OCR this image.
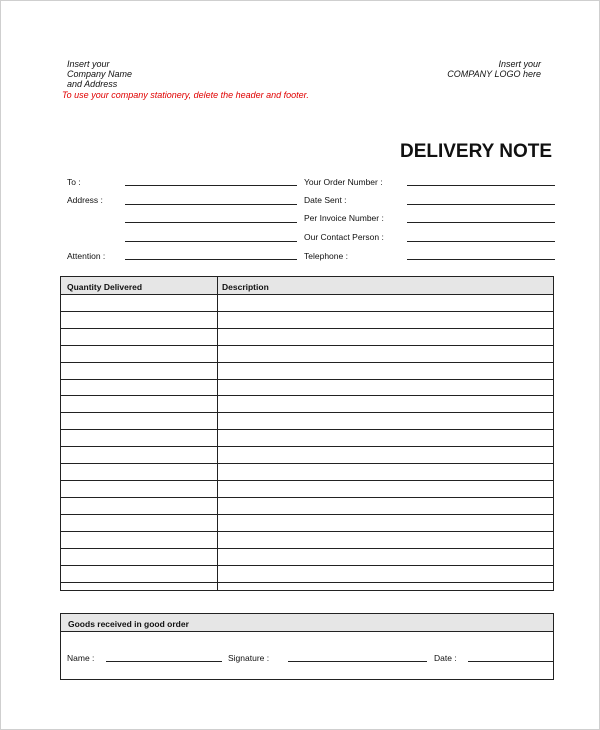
Insert your
Company Name
and Address
Insert your
COMPANY LOGO here
To use your company stationery, delete the header and footer.
DELIVERY NOTE
To :
Address :
Attention :
Your Order Number :
Date Sent :
Per Invoice Number :
Our Contact Person :
Telephone :
Quantity Delivered	Description
Goods received in good order
Name :	Signature :	Date :
